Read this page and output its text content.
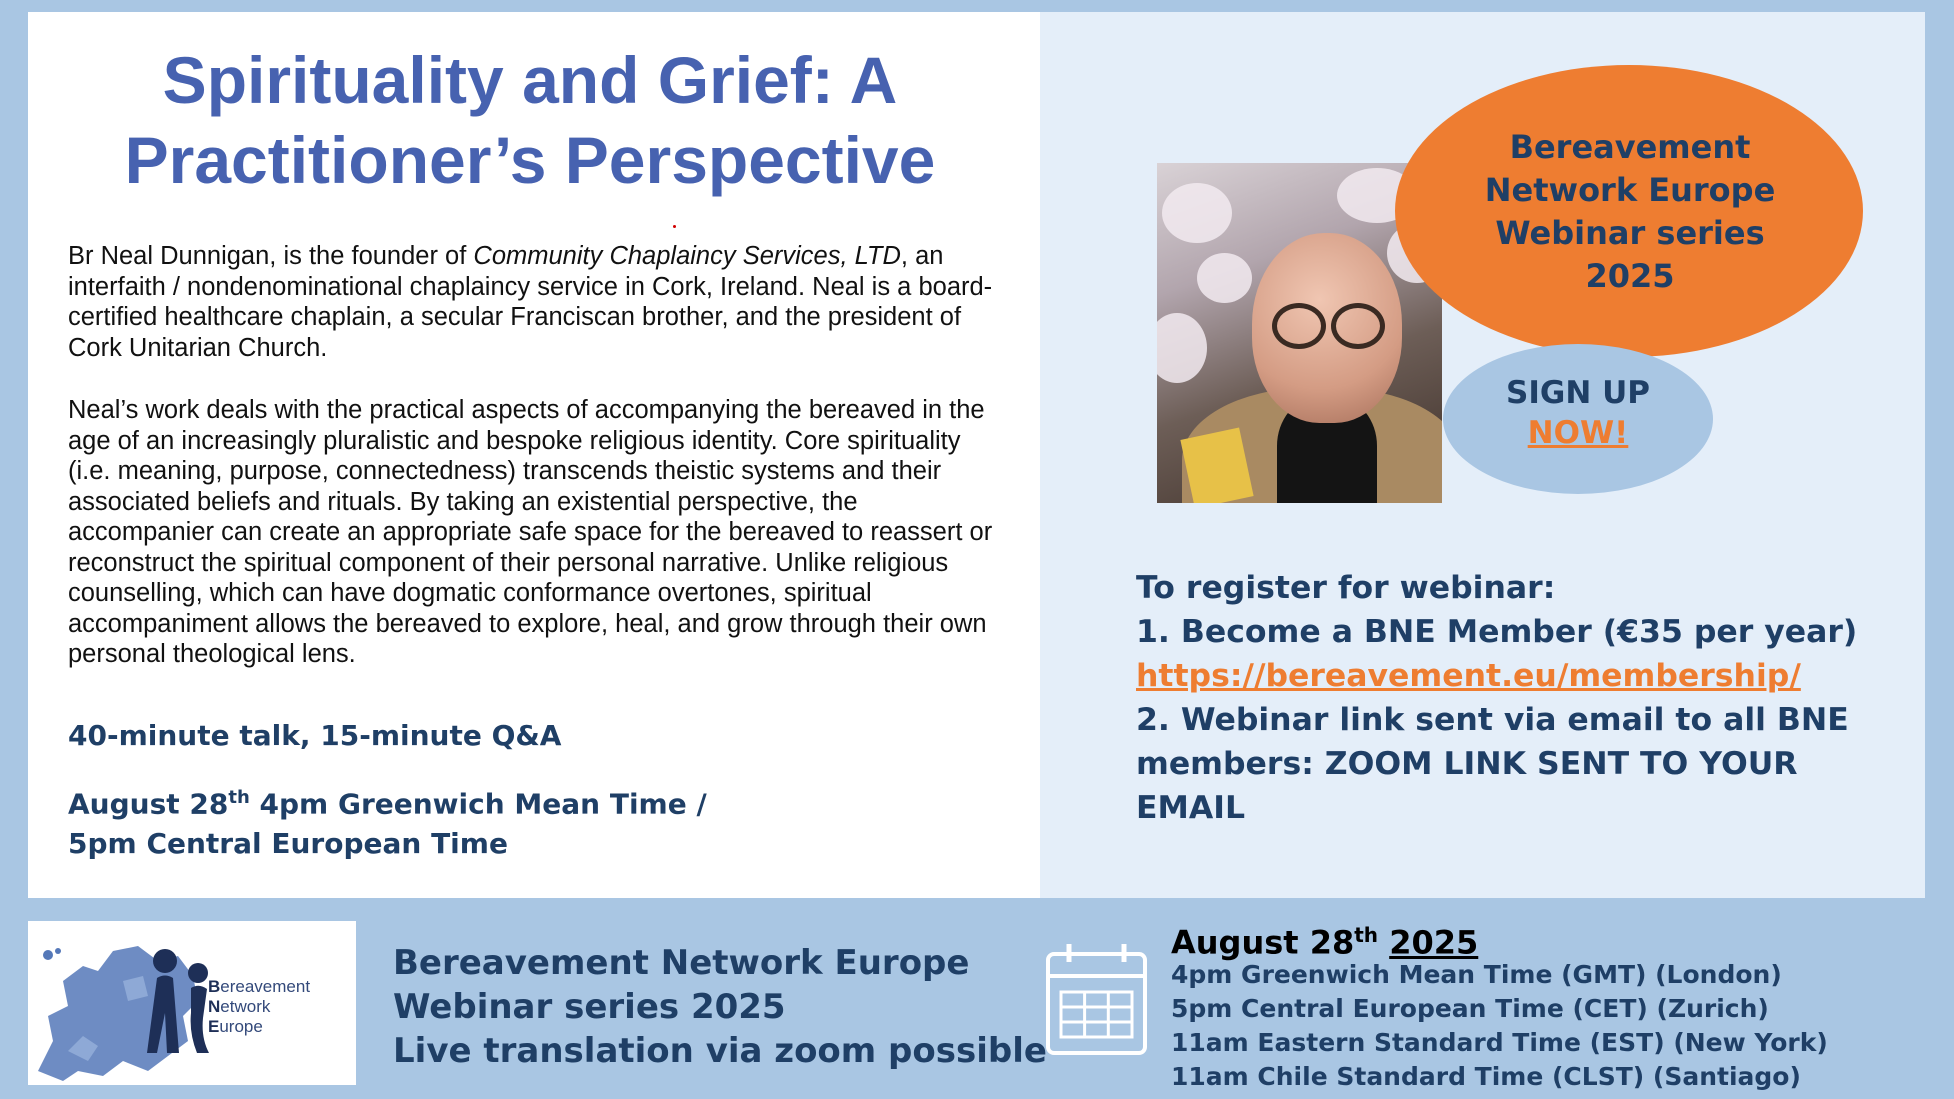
Spirituality and Grief: A
Practitioner’s Perspective

Br Neal Dunnigan, is the founder of Community Chaplaincy Services, LTD, an interfaith / nondenominational chaplaincy service in Cork, Ireland. Neal is a board-certified healthcare chaplain, a secular Franciscan brother, and the president of Cork Unitarian Church.

Neal’s work deals with the practical aspects of accompanying the bereaved in the age of an increasingly pluralistic and bespoke religious identity. Core spirituality (i.e. meaning, purpose, connectedness) transcends theistic systems and their associated beliefs and rituals. By taking an existential perspective, the accompanier can create an appropriate safe space for the bereaved to reassert or reconstruct the spiritual component of their personal narrative. Unlike religious counselling, which can have dogmatic conformance overtones, spiritual accompaniment allows the bereaved to explore, heal, and grow through their own personal theological lens.

40-minute talk, 15-minute Q&A

August 28th 4pm Greenwich Mean Time /
5pm Central European Time

Bereavement
Network Europe
Webinar series
2025

SIGN UP
NOW!

To register for webinar:
1. Become a BNE Member (€35 per year)
https://bereavement.eu/membership/
2. Webinar link sent via email to all BNE
members: ZOOM LINK SENT TO YOUR
EMAIL
Bereavement
Network
Europe

Bereavement Network Europe
Webinar series 2025
Live translation via zoom possible

August 28th 2025

4pm Greenwich Mean Time (GMT) (London)
5pm Central European Time (CET) (Zurich)
11am Eastern Standard Time (EST) (New York)
11am Chile Standard Time (CLST) (Santiago)
